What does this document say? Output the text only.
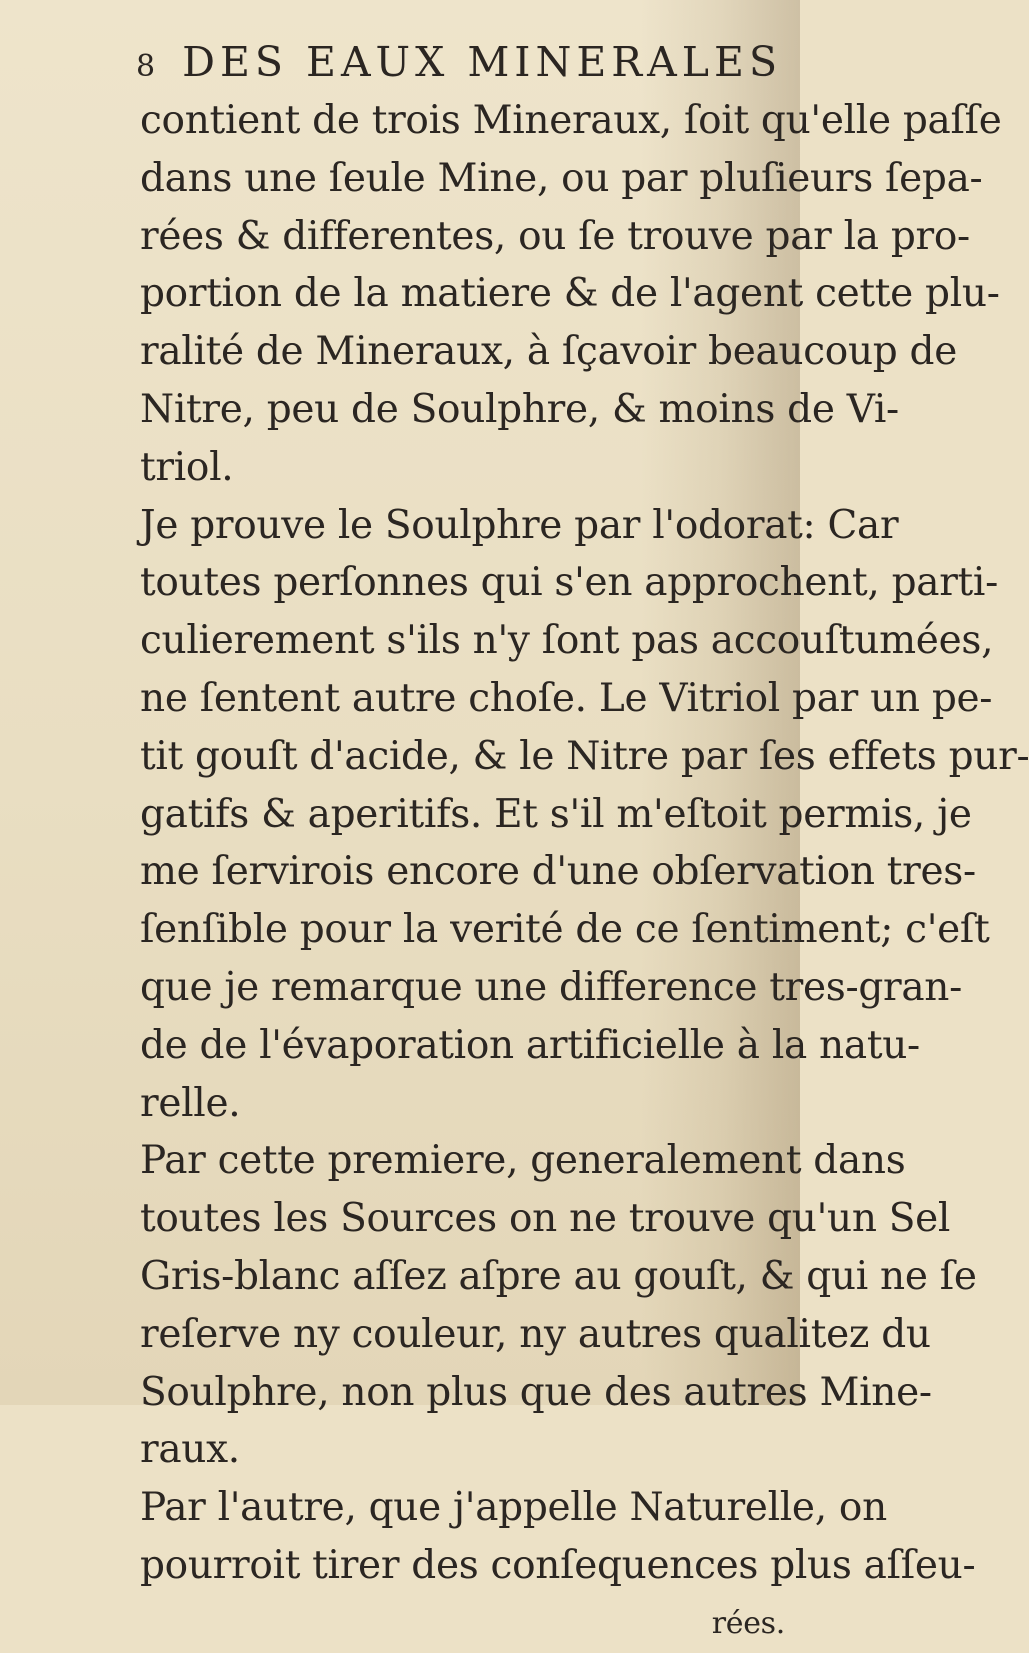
8 DES EAUX MINERALES
contient de trois Mineraux, ſoit qu'elle paſſe
dans une ſeule Mine, ou par pluſieurs ſepa-
rées & differentes, ou ſe trouve par la pro-
portion de la matiere & de l'agent cette plu-
ralité de Mineraux, à ſçavoir beaucoup de
Nitre, peu de Soulphre, & moins de Vi-
triol.
Je prouve le Soulphre par l'odorat: Car
toutes perſonnes qui s'en approchent, parti-
culierement s'ils n'y ſont pas accouſtumées,
ne ſentent autre choſe. Le Vitriol par un pe-
tit gouſt d'acide, & le Nitre par ſes effets pur-
gatifs & aperitifs. Et s'il m'eſtoit permis, je
me ſervirois encore d'une obſervation tres-
ſenſible pour la verité de ce ſentiment; c'eſt
que je remarque une difference tres-gran-
de de l'évaporation artificielle à la natu-
relle.
Par cette premiere, generalement dans
toutes les Sources on ne trouve qu'un Sel
Gris-blanc aſſez aſpre au gouſt, & qui ne ſe
reſerve ny couleur, ny autres qualitez du
Soulphre, non plus que des autres Mine-
raux.
Par l'autre, que j'appelle Naturelle, on
pourroit tirer des conſequences plus aſſeu-
rées.
